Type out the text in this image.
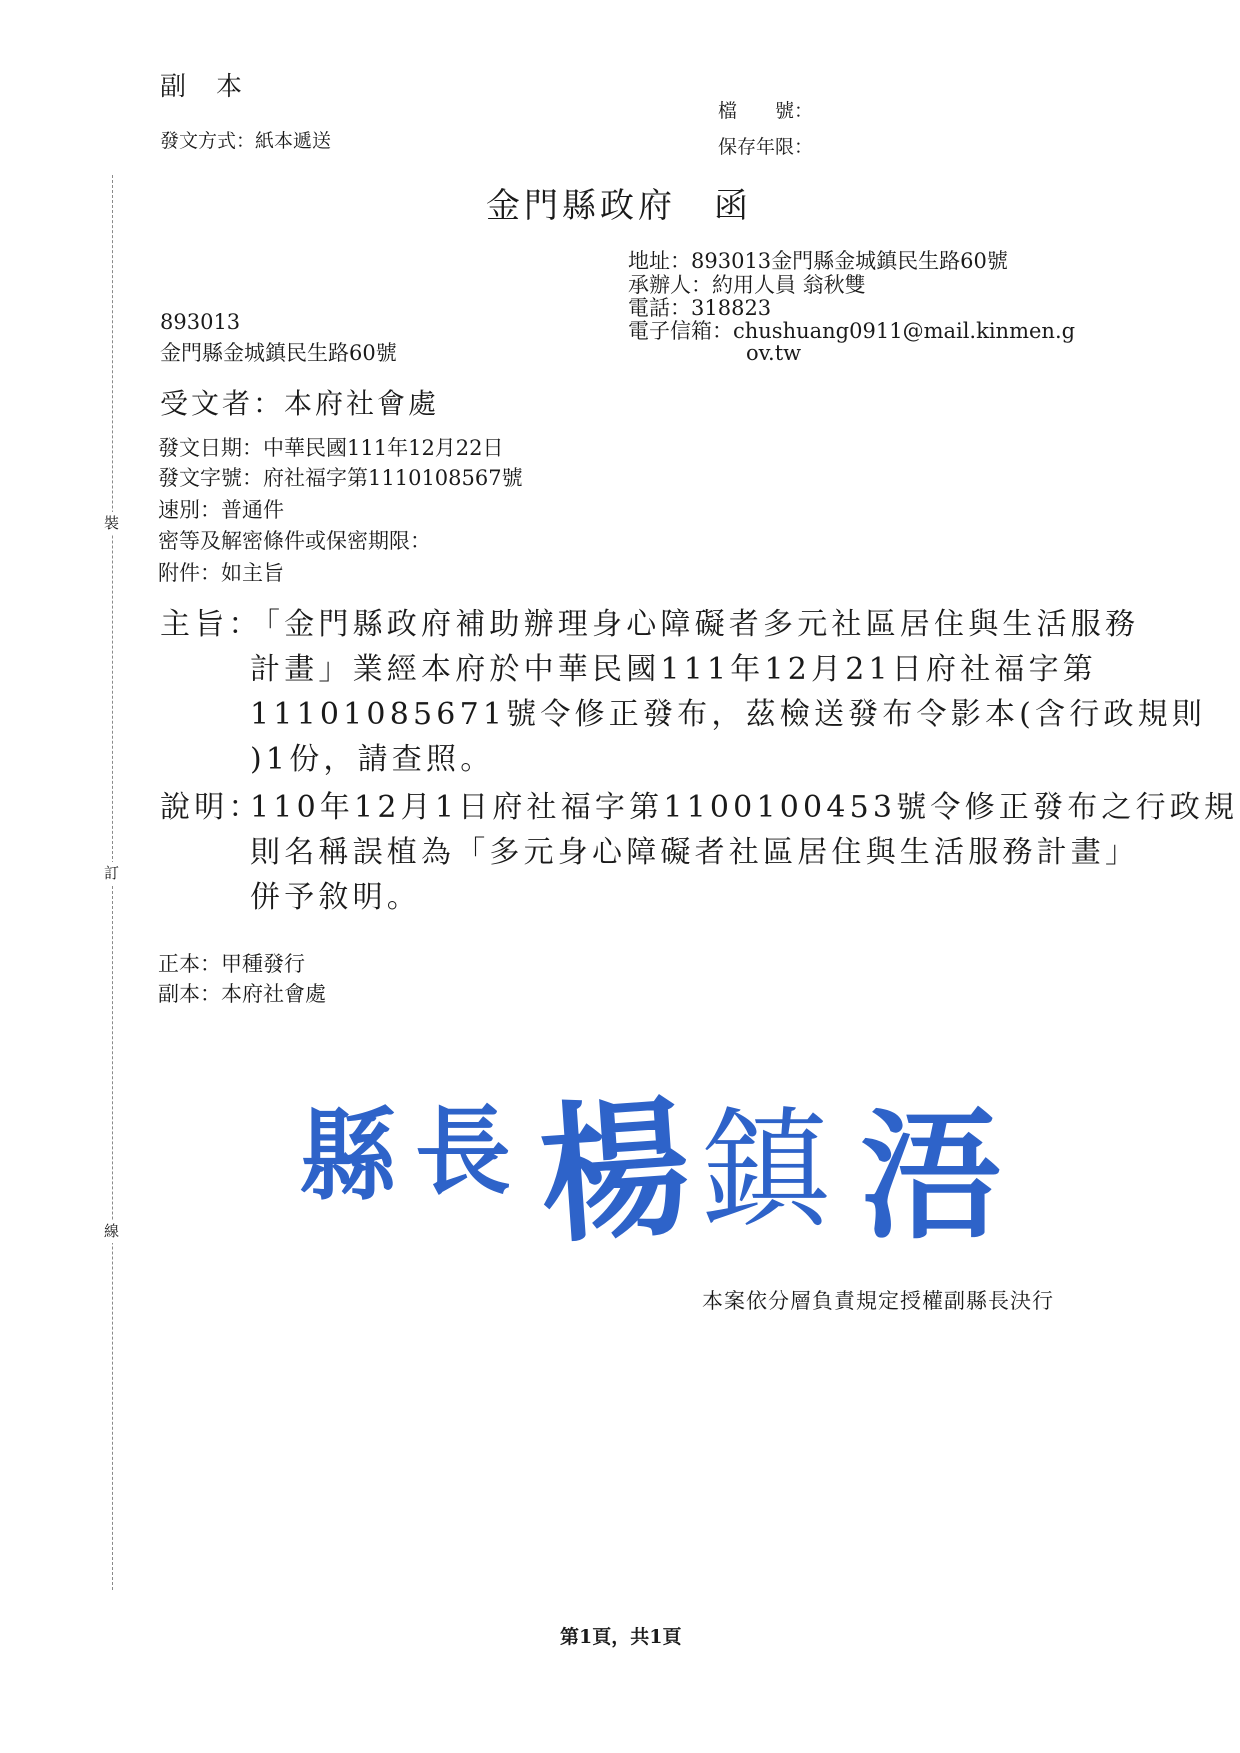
裝
訂
線
副　本
發文方式：紙本遞送
檔　　號：
保存年限：
金門縣政府　函
地址：893013金門縣金城鎮民生路60號
承辦人：約用人員 翁秋雙
電話：318823
電子信箱：chushuang0911@mail.kinmen.g
ov.tw
893013
金門縣金城鎮民生路60號
受文者：本府社會處
發文日期：中華民國111年12月22日
發文字號：府社福字第1110108567號
速別：普通件
密等及解密條件或保密期限：
附件：如主旨
主旨：
「金門縣政府補助辦理身心障礙者多元社區居住與生活服務
計畫」業經本府於中華民國111年12月21日府社福字第
11101085671號令修正發布，茲檢送發布令影本(含行政規則
)1份，請查照。
說明：
110年12月1日府社福字第1100100453號令修正發布之行政規
則名稱誤植為「多元身心障礙者社區居住與生活服務計畫」
併予敘明。
正本：甲種發行
副本：本府社會處
縣 長 楊 鎮 浯
本案依分層負責規定授權副縣長決行
第1頁，共1頁
